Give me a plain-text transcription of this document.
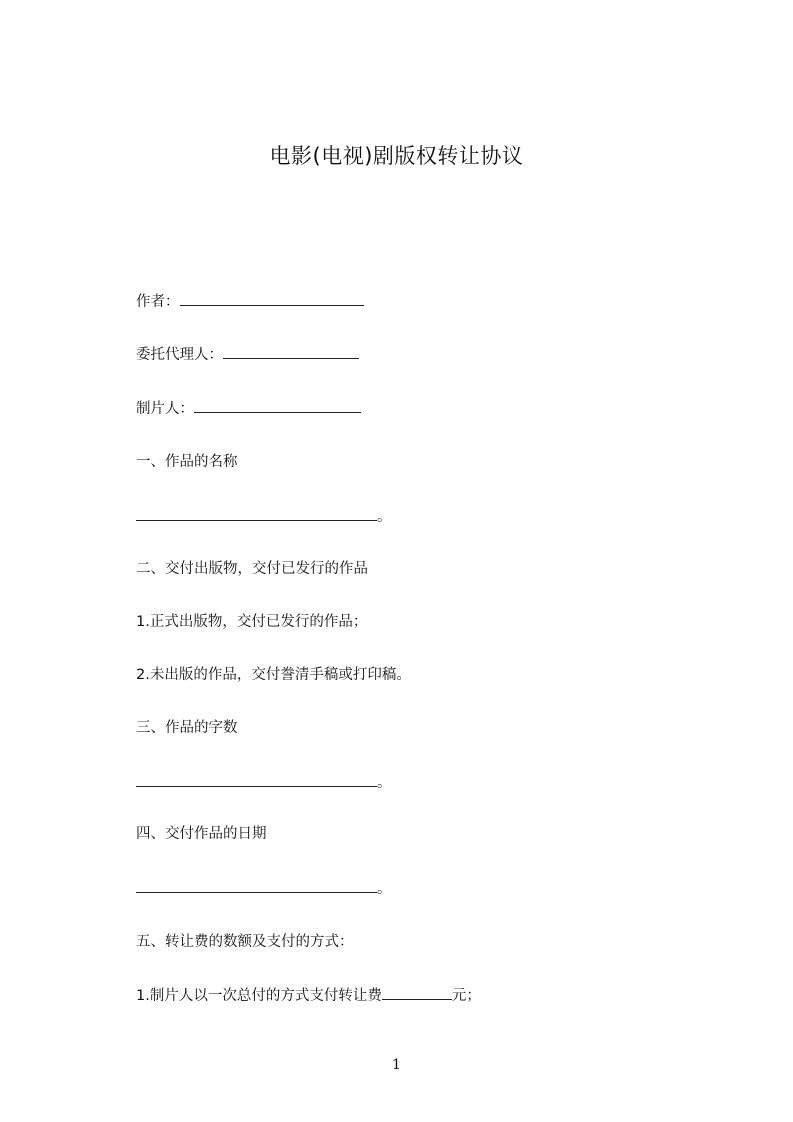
电影(电视)剧版权转让协议
作者：
委托代理人：
制片人：
一、作品的名称
。
二、交付出版物，交付已发行的作品
1.正式出版物，交付已发行的作品；
2.未出版的作品，交付誊清手稿或打印稿。
三、作品的字数
。
四、交付作品的日期
。
五、转让费的数额及支付的方式：
1.制片人以一次总付的方式支付转让费	元；
1
